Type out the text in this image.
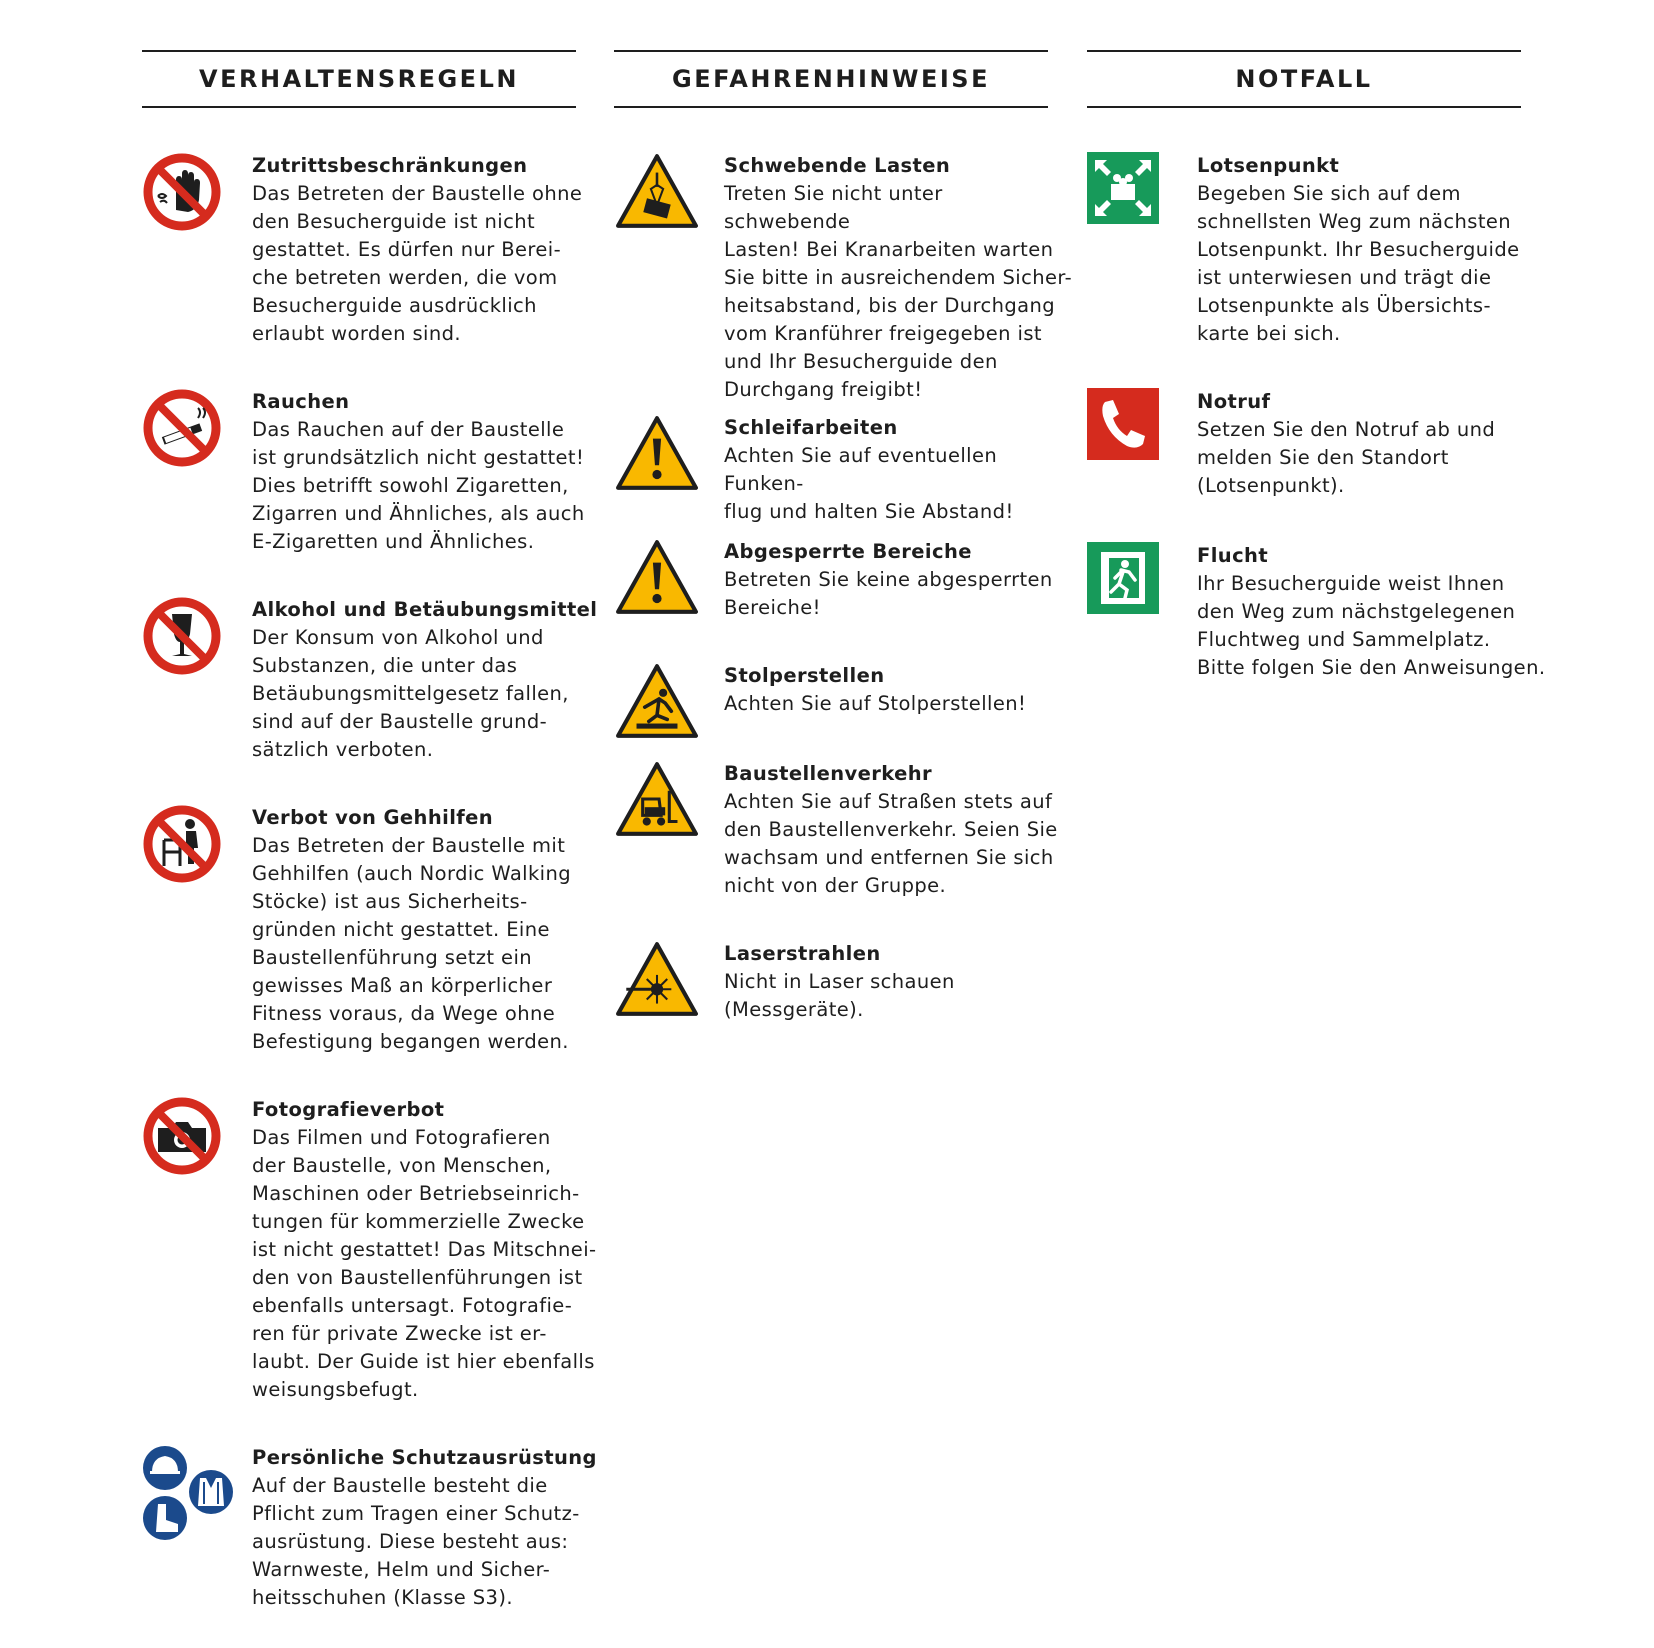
VERHALTENSREGELN

Zutrittsbeschränkungen

Das Betreten der Baustelle ohne
den Besucherguide ist nicht
gestattet. Es dürfen nur Berei-
che betreten werden, die vom
Besucherguide ausdrücklich
erlaubt worden sind.

Rauchen

Das Rauchen auf der Baustelle
ist grundsätzlich nicht gestattet!
Dies betrifft sowohl Zigaretten,
Zigarren und Ähnliches, als auch
E-Zigaretten und Ähnliches.

Alkohol und Betäubungsmittel

Der Konsum von Alkohol und
Substanzen, die unter das
Betäubungsmittelgesetz fallen,
sind auf der Baustelle grund-
sätzlich verboten.

Verbot von Gehhilfen

Das Betreten der Baustelle mit
Gehhilfen (auch Nordic Walking
Stöcke) ist aus Sicherheits-
gründen nicht gestattet. Eine
Baustellenführung setzt ein
gewisses Maß an körperlicher
Fitness voraus, da Wege ohne
Befestigung begangen werden.

Fotografieverbot

Das Filmen und Fotografieren
der Baustelle, von Menschen,
Maschinen oder Betriebseinrich-
tungen für kommerzielle Zwecke
ist nicht gestattet! Das Mitschnei-
den von Baustellenführungen ist
ebenfalls untersagt. Fotografie-
ren für private Zwecke ist er-
laubt. Der Guide ist hier ebenfalls
weisungsbefugt.

Persönliche Schutzausrüstung

Auf der Baustelle besteht die
Pflicht zum Tragen einer Schutz-
ausrüstung. Diese besteht aus:
Warnweste, Helm und Sicher-
heitsschuhen (Klasse S3).

GEFAHRENHINWEISE

Schwebende Lasten

Treten Sie nicht unter schwebende
Lasten! Bei Kranarbeiten warten
Sie bitte in ausreichendem Sicher-
heitsabstand, bis der Durchgang
vom Kranführer freigegeben ist
und Ihr Besucherguide den
Durchgang freigibt!

Schleifarbeiten

Achten Sie auf eventuellen Funken-
flug und halten Sie Abstand!

Abgesperrte Bereiche

Betreten Sie keine abgesperrten
Bereiche!

Stolperstellen

Achten Sie auf Stolperstellen!

Baustellenverkehr

Achten Sie auf Straßen stets auf
den Baustellenverkehr. Seien Sie
wachsam und entfernen Sie sich
nicht von der Gruppe.

Laserstrahlen

Nicht in Laser schauen
(Messgeräte).

NOTFALL

Lotsenpunkt

Begeben Sie sich auf dem
schnellsten Weg zum nächsten
Lotsenpunkt. Ihr Besucherguide
ist unterwiesen und trägt die
Lotsenpunkte als Übersichts-
karte bei sich.

Notruf

Setzen Sie den Notruf ab und
melden Sie den Standort
(Lotsenpunkt).

Flucht

Ihr Besucherguide weist Ihnen
den Weg zum nächstgelegenen
Fluchtweg und Sammelplatz.
Bitte folgen Sie den Anweisungen.
